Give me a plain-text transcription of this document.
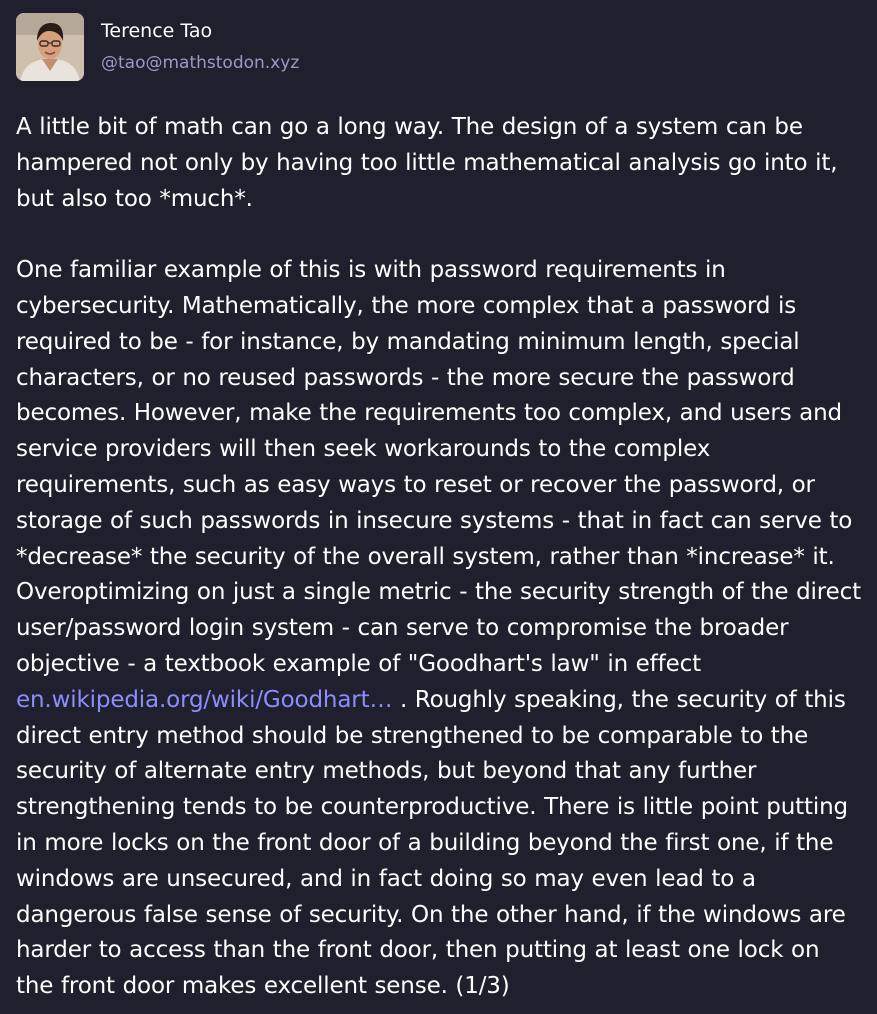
Terence Tao
@tao@mathstodon.xyz

A little bit of math can go a long way. The design of a system can be hampered not only by having too little mathematical analysis go into it, but also too *much*.

One familiar example of this is with password requirements in cybersecurity. Mathematically, the more complex that a password is required to be - for instance, by mandating minimum length, special characters, or no reused passwords - the more secure the password becomes. However, make the requirements too complex, and users and service providers will then seek workarounds to the complex requirements, such as easy ways to reset or recover the password, or storage of such passwords in insecure systems - that in fact can serve to *decrease* the security of the overall system, rather than *increase* it. Overoptimizing on just a single metric - the security strength of the direct user/password login system - can serve to compromise the broader objective - a textbook example of "Goodhart's law" in effect en.wikipedia.org/wiki/Goodhart… . Roughly speaking, the security of this direct entry method should be strengthened to be comparable to the security of alternate entry methods, but beyond that any further strengthening tends to be counterproductive. There is little point putting in more locks on the front door of a building beyond the first one, if the windows are unsecured, and in fact doing so may even lead to a dangerous false sense of security. On the other hand, if the windows are harder to access than the front door, then putting at least one lock on the front door makes excellent sense. (1/3)
